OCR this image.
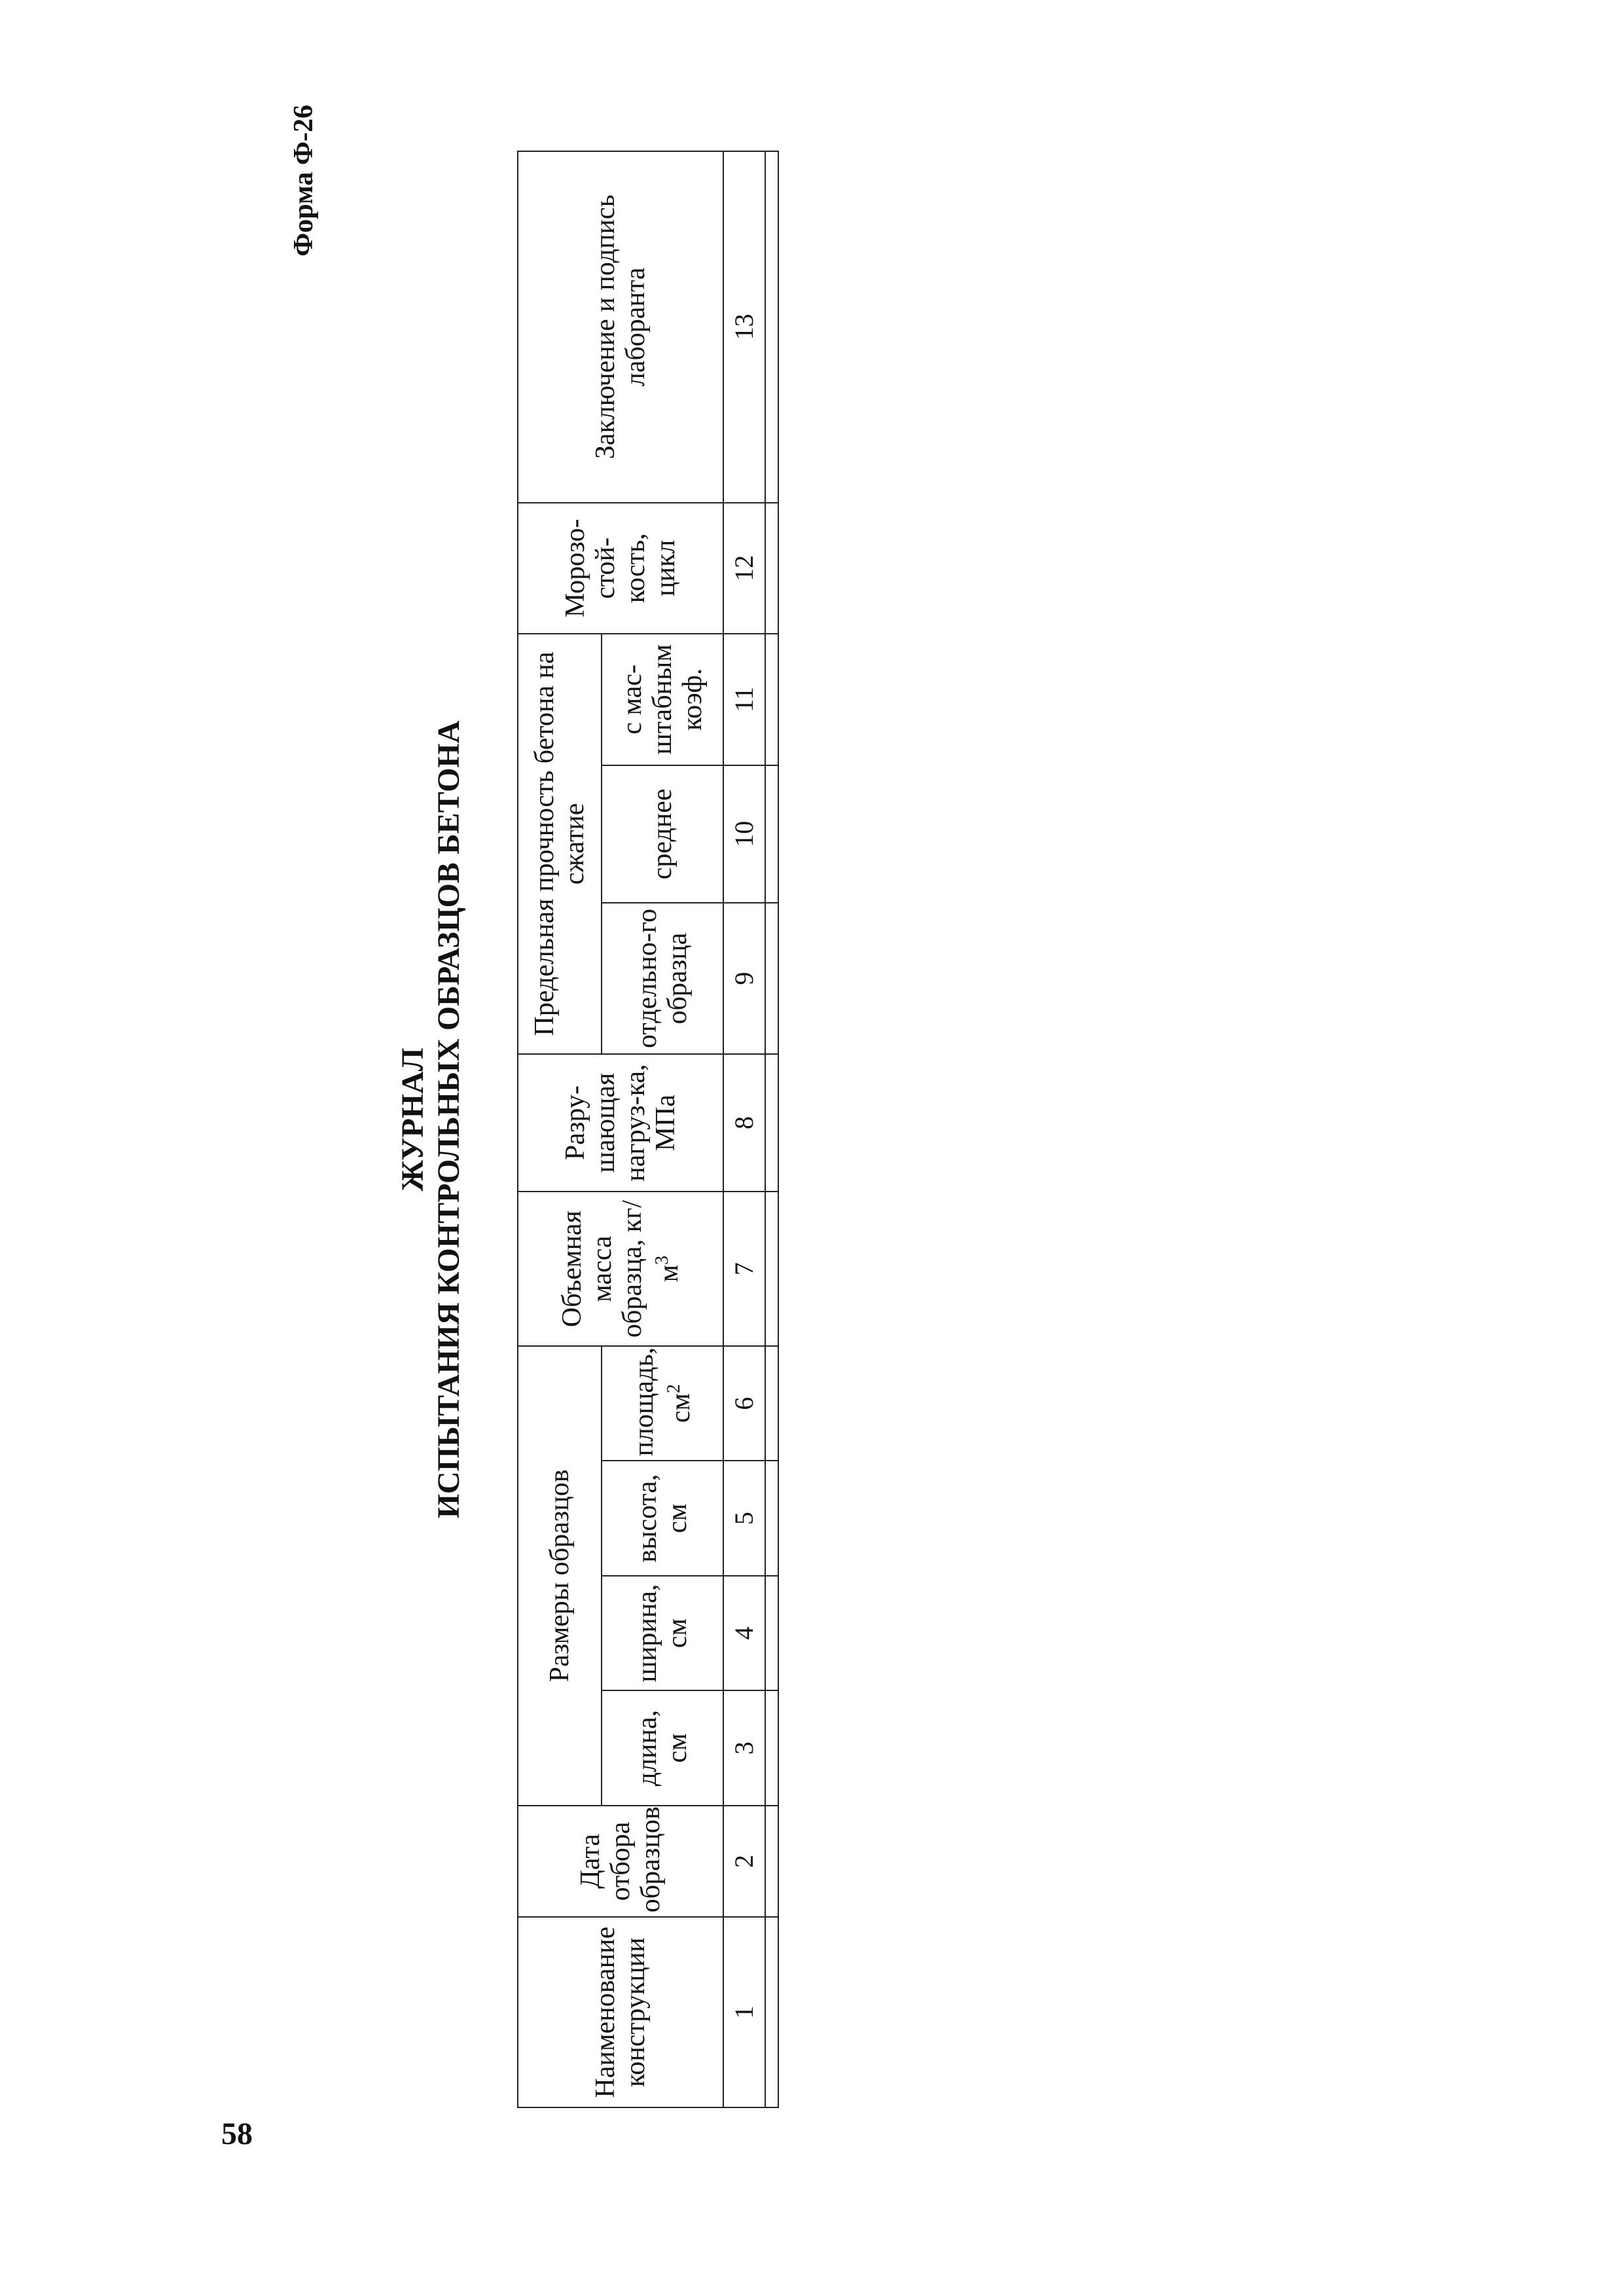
58
Форма Ф-26
ЖУРНАЛ ИСПЫТАНИЯ КОНТРОЛЬНЫХ ОБРАЗЦОВ БЕТОНА
Наименование конструкции	Дата отбора образцов	Размеры образцов				Объемная масса образца, $кг/м^3$	Разру-шающая нагруз-ка, МПа	Предельная прочность бетона на сжатие			Морозо-стой-кость, цикл	Заключение и подпись лаборанта
		длина, см	ширина, см	высота, см	площадь, $см^2$			отдельно-го образца	среднее	с мас-штабным коэф.		
1	2	3	4	5	6	7	8	9	10	11	12	13
